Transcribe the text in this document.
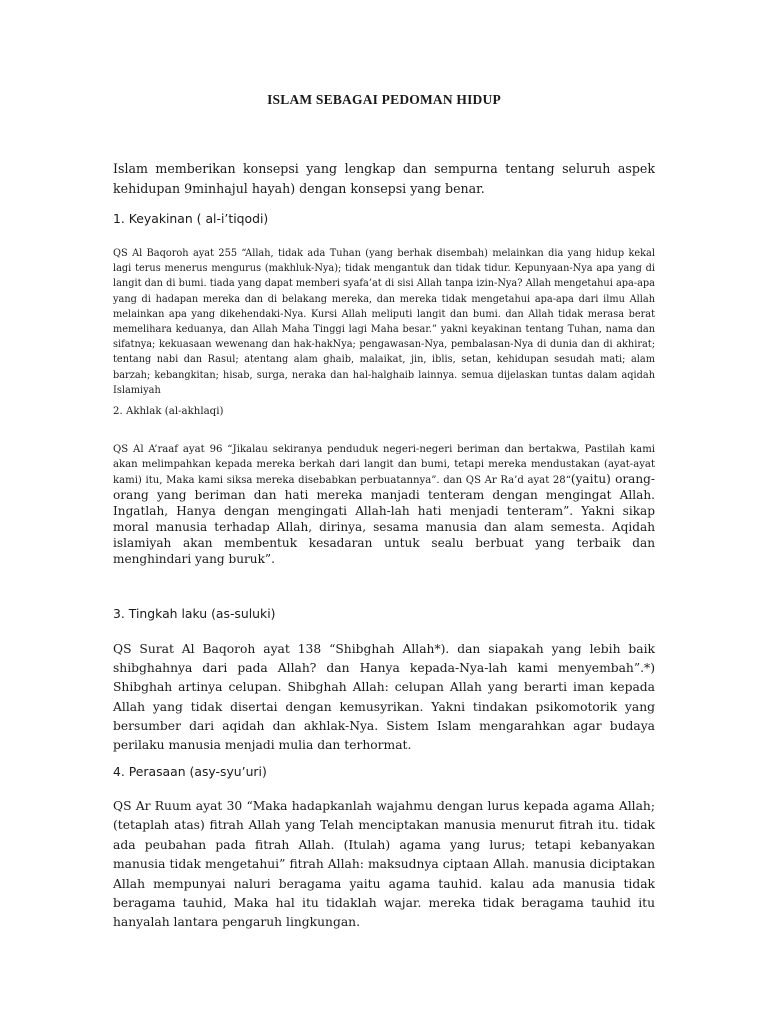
ISLAM SEBAGAI PEDOMAN HIDUP
Islam memberikan konsepsi yang lengkap dan sempurna tentang seluruh aspek kehidupan 9minhajul hayah) dengan konsepsi yang benar.
1. Keyakinan ( al-i’tiqodi)
QS Al Baqoroh ayat 255 “Allah, tidak ada Tuhan (yang berhak disembah) melainkan dia yang hidup kekal lagi terus menerus mengurus (makhluk-Nya); tidak mengantuk dan tidak tidur. Kepunyaan-Nya apa yang di langit dan di bumi. tiada yang dapat memberi syafa’at di sisi Allah tanpa izin-Nya? Allah mengetahui apa-apa yang di hadapan mereka dan di belakang mereka, dan mereka tidak mengetahui apa-apa dari ilmu Allah melainkan apa yang dikehendaki-Nya. Kursi Allah meliputi langit dan bumi. dan Allah tidak merasa berat memelihara keduanya, dan Allah Maha Tinggi lagi Maha besar.” yakni keyakinan tentang Tuhan, nama dan sifatnya; kekuasaan wewenang dan hak-hakNya; pengawasan-Nya, pembalasan-Nya di dunia dan di akhirat; tentang nabi dan Rasul; atentang alam ghaib, malaikat, jin, iblis, setan, kehidupan sesudah mati; alam barzah; kebangkitan; hisab, surga, neraka dan hal-halghaib lainnya. semua dijelaskan tuntas dalam aqidah Islamiyah
2. Akhlak (al-akhlaqi)
QS Al A’raaf ayat 96 “Jikalau sekiranya penduduk negeri-negeri beriman dan bertakwa, Pastilah kami akan melimpahkan kepada mereka berkah dari langit dan bumi, tetapi mereka mendustakan (ayat-ayat kami) itu, Maka kami siksa mereka disebabkan perbuatannya”. dan QS Ar Ra’d ayat 28“(yaitu) orang-orang yang beriman dan hati mereka manjadi tenteram dengan mengingat Allah. Ingatlah, Hanya dengan mengingati Allah-lah hati menjadi tenteram”. Yakni sikap moral manusia terhadap Allah, dirinya, sesama manusia dan alam semesta. Aqidah islamiyah akan membentuk kesadaran untuk sealu berbuat yang terbaik dan menghindari yang buruk”.
3. Tingkah laku (as-suluki)
QS Surat Al Baqoroh ayat 138 “Shibghah Allah*). dan siapakah yang lebih baik shibghahnya dari pada Allah? dan Hanya kepada-Nya-lah kami menyembah”.*) Shibghah artinya celupan. Shibghah Allah: celupan Allah yang berarti iman kepada Allah yang tidak disertai dengan kemusyrikan. Yakni tindakan psikomotorik yang bersumber dari aqidah dan akhlak-Nya. Sistem Islam mengarahkan agar budaya perilaku manusia menjadi mulia dan terhormat.
4. Perasaan (asy-syu’uri)
QS Ar Ruum ayat 30 “Maka hadapkanlah wajahmu dengan lurus kepada agama Allah; (tetaplah atas) fitrah Allah yang Telah menciptakan manusia menurut fitrah itu. tidak ada peubahan pada fitrah Allah. (Itulah) agama yang lurus; tetapi kebanyakan manusia tidak mengetahui” fitrah Allah: maksudnya ciptaan Allah. manusia diciptakan Allah mempunyai naluri beragama yaitu agama tauhid. kalau ada manusia tidak beragama tauhid, Maka hal itu tidaklah wajar. mereka tidak beragama tauhid itu hanyalah lantara pengaruh lingkungan.
